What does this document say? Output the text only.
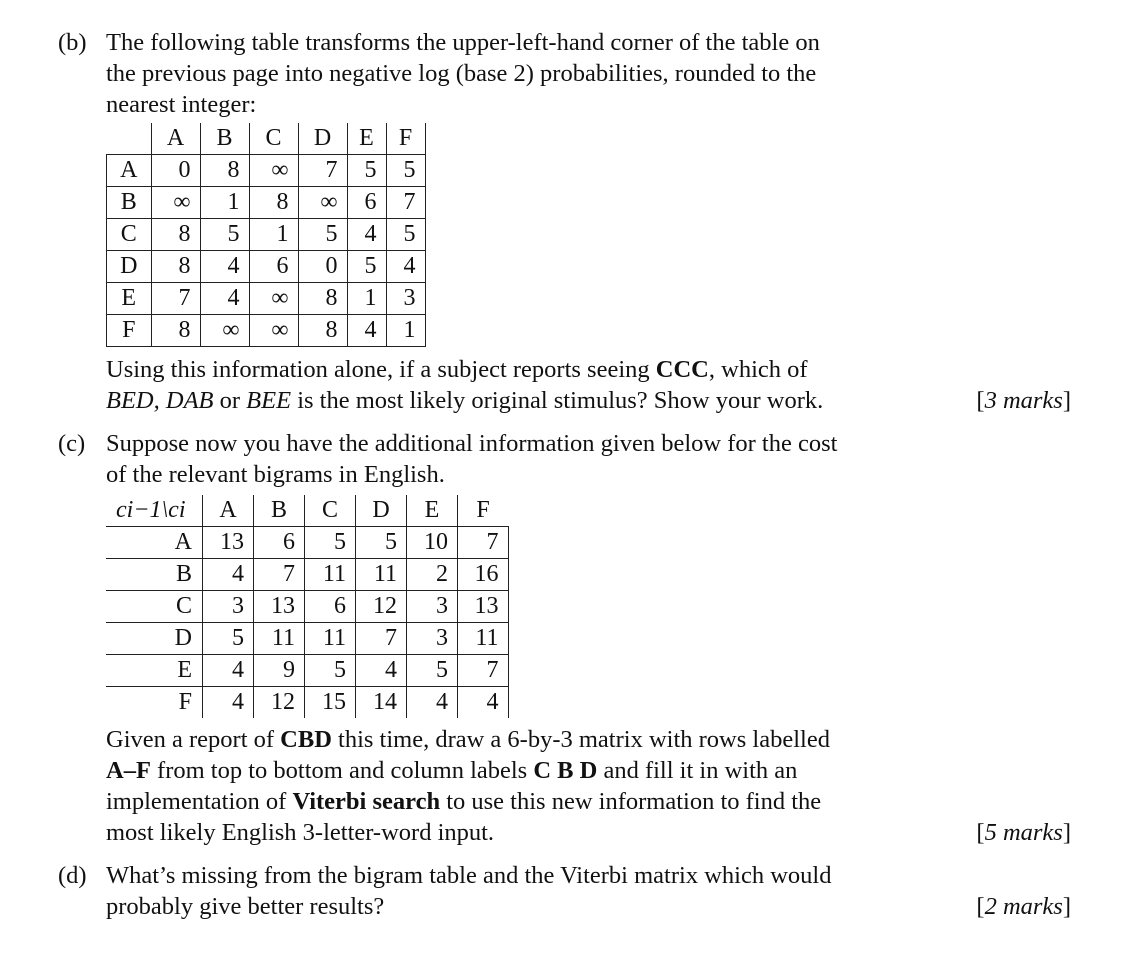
(b) The following table transforms the upper-left-hand corner of the table on
the previous page into negative log (base 2) probabilities, rounded to the
nearest integer:
	A	B	C	D	E	F
A	0	8	∞	7	5	5
B	∞	1	8	∞	6	7
C	8	5	1	5	4	5
D	8	4	6	0	5	4
E	7	4	∞	8	1	3
F	8	∞	∞	8	4	1
Using this information alone, if a subject reports seeing CCC, which of
BED, DAB or BEE is the most likely original stimulus? Show your work.	[3 marks]
(c) Suppose now you have the additional information given below for the cost
of the relevant bigrams in English.
ci−1\ci	A	B	C	D	E	F
A	13	6	5	5	10	7
B	4	7	11	11	2	16
C	3	13	6	12	3	13
D	5	11	11	7	3	11
E	4	9	5	4	5	7
F	4	12	15	14	4	4
Given a report of CBD this time, draw a 6-by-3 matrix with rows labelled
A–F from top to bottom and column labels C B D and fill it in with an
implementation of Viterbi search to use this new information to find the
most likely English 3-letter-word input.	[5 marks]
(d) What’s missing from the bigram table and the Viterbi matrix which would
probably give better results?	[2 marks]
